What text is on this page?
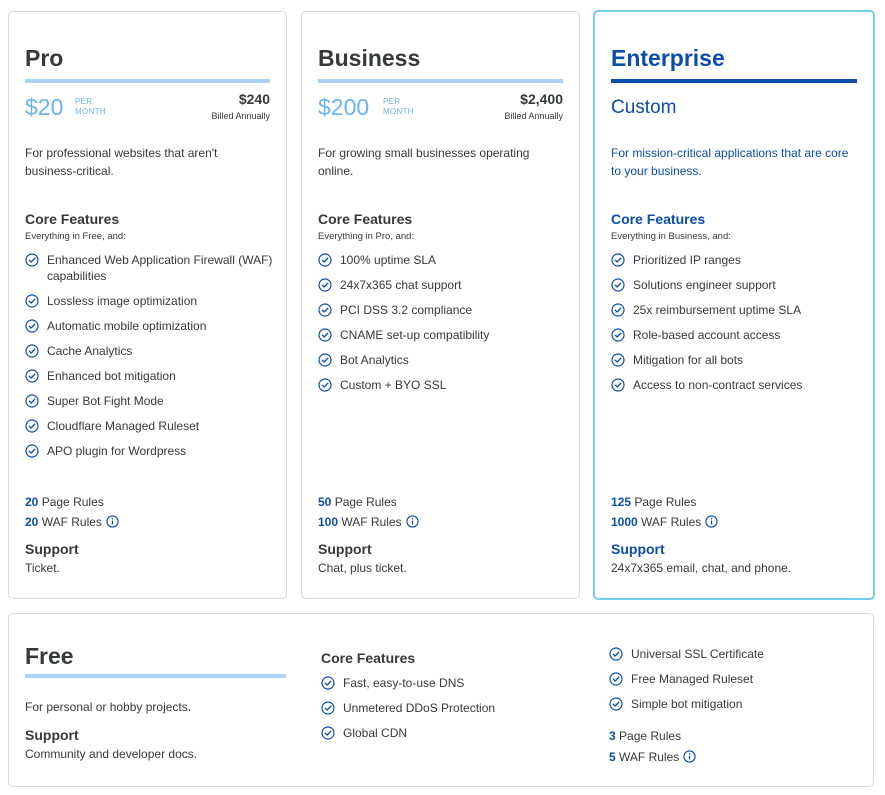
Pro
$20 PER
MONTH
$240
Billed Annually
For professional websites that aren't business-critical.
Core Features
Everything in Free, and:
Enhanced Web Application Firewall (WAF) capabilities
Lossless image optimization
Automatic mobile optimization
Cache Analytics
Enhanced bot mitigation
Super Bot Fight Mode
Cloudflare Managed Ruleset
APO plugin for Wordpress
20 Page Rules
20 WAF Rules
Support
Ticket.
Business
$200 PER
MONTH
$2,400
Billed Annually
For growing small businesses operating online.
Core Features
Everything in Pro, and:
100% uptime SLA
24x7x365 chat support
PCI DSS 3.2 compliance
CNAME set-up compatibility
Bot Analytics
Custom + BYO SSL
50 Page Rules
100 WAF Rules
Support
Chat, plus ticket.
Enterprise
Custom
For mission-critical applications that are core to your business.
Core Features
Everything in Business, and:
Prioritized IP ranges
Solutions engineer support
25x reimbursement uptime SLA
Role-based account access
Mitigation for all bots
Access to non-contract services
125 Page Rules
1000 WAF Rules
Support
24x7x365 email, chat, and phone.
Free
For personal or hobby projects.
Support
Community and developer docs.
Core Features
Fast, easy-to-use DNS
Unmetered DDoS Protection
Global CDN
Universal SSL Certificate
Free Managed Ruleset
Simple bot mitigation
3 Page Rules
5 WAF Rules
